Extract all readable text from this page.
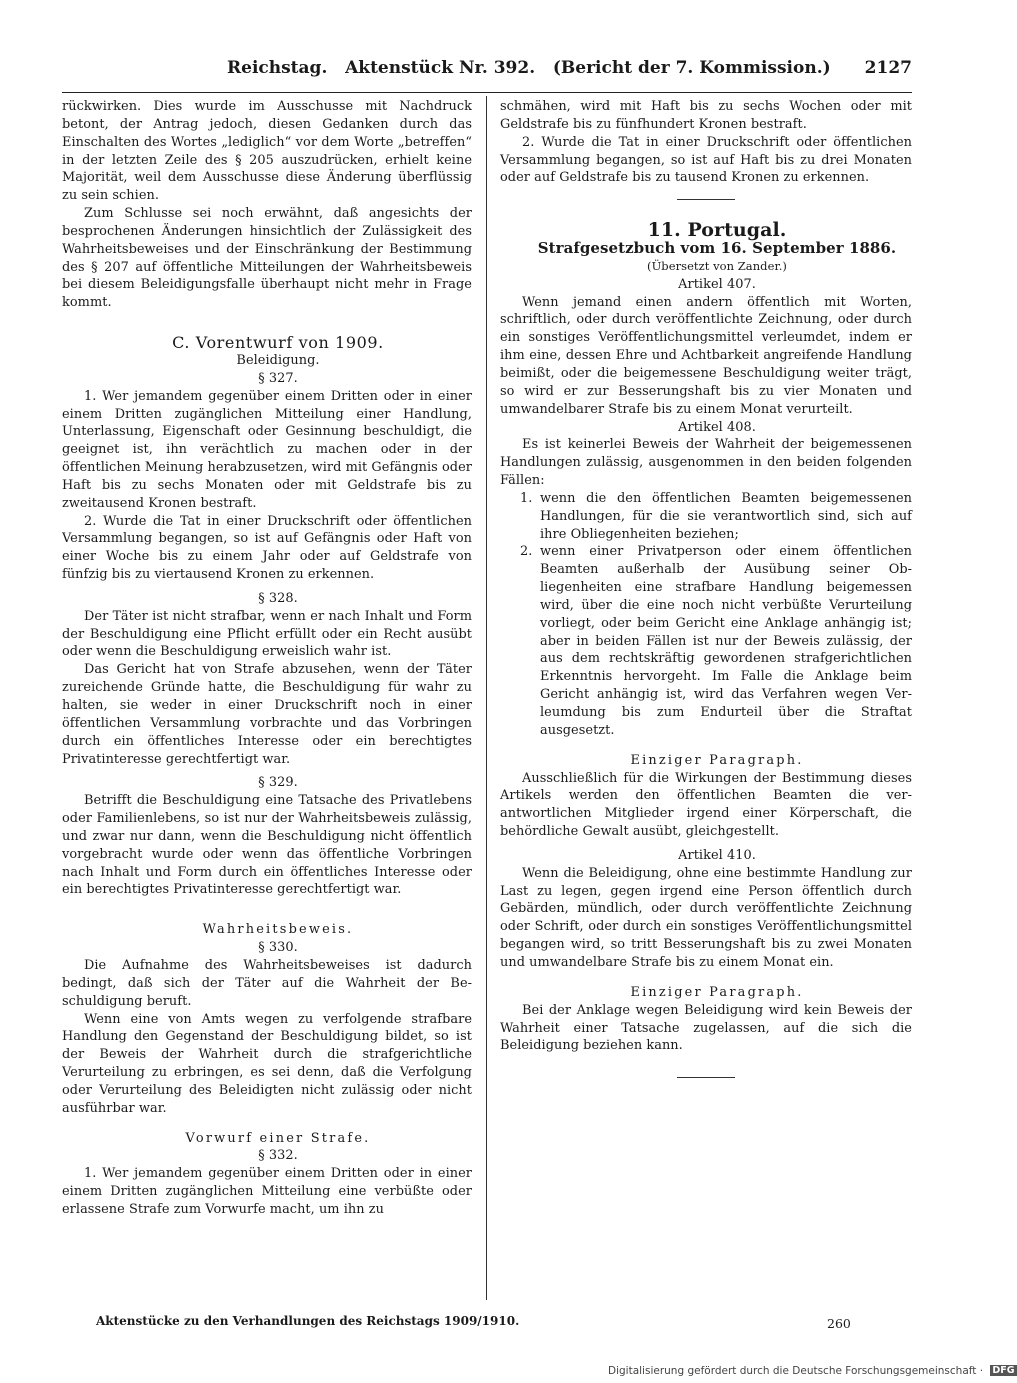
Reichstag.   Aktenstück Nr. 392.   (Bericht der 7. Kommission.) 2127

rückwirken. Dies wurde im Ausschusse mit Nachdruck betont, der Antrag jedoch, diesen Gedanken durch das Einschalten des Wortes „lediglich“ vor dem Worte „betreffen“ in der letzten Zeile des § 205 auszudrücken, erhielt keine Majorität, weil dem Ausschusse diese Änderung überflüssig zu sein schien.

Zum Schlusse sei noch erwähnt, daß angesichts der besprochenen Änderungen hinsichtlich der Zulässigkeit des Wahrheitsbeweises und der Einschränkung der Bestimmung des § 207 auf öffentliche Mitteilungen der Wahrheitsbeweis bei diesem Beleidigungsfalle überhaupt nicht mehr in Frage kommt.

C. Vorentwurf von 1909.

Beleidigung.

§ 327.

1. Wer jemandem gegenüber einem Dritten oder in einer einem Dritten zugänglichen Mitteilung einer Handlung, Unterlassung, Eigenschaft oder Gesinnung beschuldigt, die geeignet ist, ihn verächtlich zu machen oder in der öffentlichen Meinung herabzusetzen, wird mit Gefängnis oder Haft bis zu sechs Monaten oder mit Geldstrafe bis zu zweitausend Kronen bestraft.

2. Wurde die Tat in einer Druckschrift oder öffentlichen Versammlung begangen, so ist auf Gefängnis oder Haft von einer Woche bis zu einem Jahr oder auf Geldstrafe von fünfzig bis zu viertausend Kronen zu erkennen.

§ 328.

Der Täter ist nicht strafbar, wenn er nach Inhalt und Form der Beschuldigung eine Pflicht erfüllt oder ein Recht ausübt oder wenn die Beschuldigung erweislich wahr ist.

Das Gericht hat von Strafe abzusehen, wenn der Täter zureichende Gründe hatte, die Beschuldigung für wahr zu halten, sie weder in einer Druckschrift noch in einer öffentlichen Versammlung vorbrachte und das Vorbringen durch ein öffentliches Interesse oder ein berechtigtes Privatinteresse gerechtfertigt war.

§ 329.

Betrifft die Beschuldigung eine Tatsache des Privatlebens oder Familienlebens, so ist nur der Wahrheitsbeweis zulässig, und zwar nur dann, wenn die Beschuldigung nicht öffentlich vorgebracht wurde oder wenn das öffentliche Vorbringen nach Inhalt und Form durch ein öffentliches Interesse oder ein berechtigtes Privatinteresse gerechtfertigt war.

Wahrheitsbeweis.

§ 330.

Die Aufnahme des Wahrheitsbeweises ist dadurch bedingt, daß sich der Täter auf die Wahrheit der Beschuldigung beruft.

Wenn eine von Amts wegen zu verfolgende strafbare Handlung den Gegenstand der Beschuldigung bildet, so ist der Beweis der Wahrheit durch die strafgerichtliche Verurteilung zu erbringen, es sei denn, daß die Verfolgung oder Verurteilung des Beleidigten nicht zulässig oder nicht ausführbar war.

Vorwurf einer Strafe.

§ 332.

1. Wer jemandem gegenüber einem Dritten oder in einer einem Dritten zugänglichen Mitteilung eine verbüßte oder erlassene Strafe zum Vorwurfe macht, um ihn zu

schmähen, wird mit Haft bis zu sechs Wochen oder mit Geldstrafe bis zu fünfhundert Kronen bestraft.

2. Wurde die Tat in einer Druckschrift oder öffentlichen Versammlung begangen, so ist auf Haft bis zu drei Monaten oder auf Geldstrafe bis zu tausend Kronen zu erkennen.

11. Portugal.

Strafgesetzbuch vom 16. September 1886.

(Übersetzt von Zander.)

Artikel 407.

Wenn jemand einen andern öffentlich mit Worten, schriftlich, oder durch veröffentlichte Zeichnung, oder durch ein sonstiges Veröffentlichungsmittel verleumdet, indem er ihm eine, dessen Ehre und Achtbarkeit angreifende Handlung beimißt, oder die beigemessene Beschuldigung weiter trägt, so wird er zur Besserungshaft bis zu vier Monaten und umwandelbarer Strafe bis zu einem Monat verurteilt.

Artikel 408.

Es ist keinerlei Beweis der Wahrheit der beigemessenen Handlungen zulässig, ausgenommen in den beiden folgenden Fällen:

1. wenn die den öffentlichen Beamten beigemessenen Handlungen, für die sie verantwortlich sind, sich auf ihre Obliegenheiten beziehen;
2. wenn einer Privatperson oder einem öffentlichen Beamten außerhalb der Ausübung seiner Obliegenheiten eine strafbare Handlung beigemessen wird, über die eine noch nicht verbüßte Verurteilung vorliegt, oder beim Gericht eine Anklage anhängig ist; aber in beiden Fällen ist nur der Beweis zulässig, der aus dem rechtskräftig gewordenen strafgerichtlichen Erkenntnis hervorgeht. Im Falle die Anklage beim Gericht anhängig ist, wird das Verfahren wegen Verleumdung bis zum Endurteil über die Straftat ausgesetzt.

Einziger Paragraph.

Ausschließlich für die Wirkungen der Bestimmung dieses Artikels werden den öffentlichen Beamten die verantwortlichen Mitglieder irgend einer Körperschaft, die behördliche Gewalt ausübt, gleichgestellt.

Artikel 410.

Wenn die Beleidigung, ohne eine bestimmte Handlung zur Last zu legen, gegen irgend eine Person öffentlich durch Gebärden, mündlich, oder durch veröffentlichte Zeichnung oder Schrift, oder durch ein sonstiges Veröffentlichungsmittel begangen wird, so tritt Besserungshaft bis zu zwei Monaten und umwandelbare Strafe bis zu einem Monat ein.

Einziger Paragraph.

Bei der Anklage wegen Beleidigung wird kein Beweis der Wahrheit einer Tatsache zugelassen, auf die sich die Beleidigung beziehen kann.

Aktenstücke zu den Verhandlungen des Reichstags 1909/1910.	260
Digitalisierung gefördert durch die Deutsche Forschungsgemeinschaft · DFG
